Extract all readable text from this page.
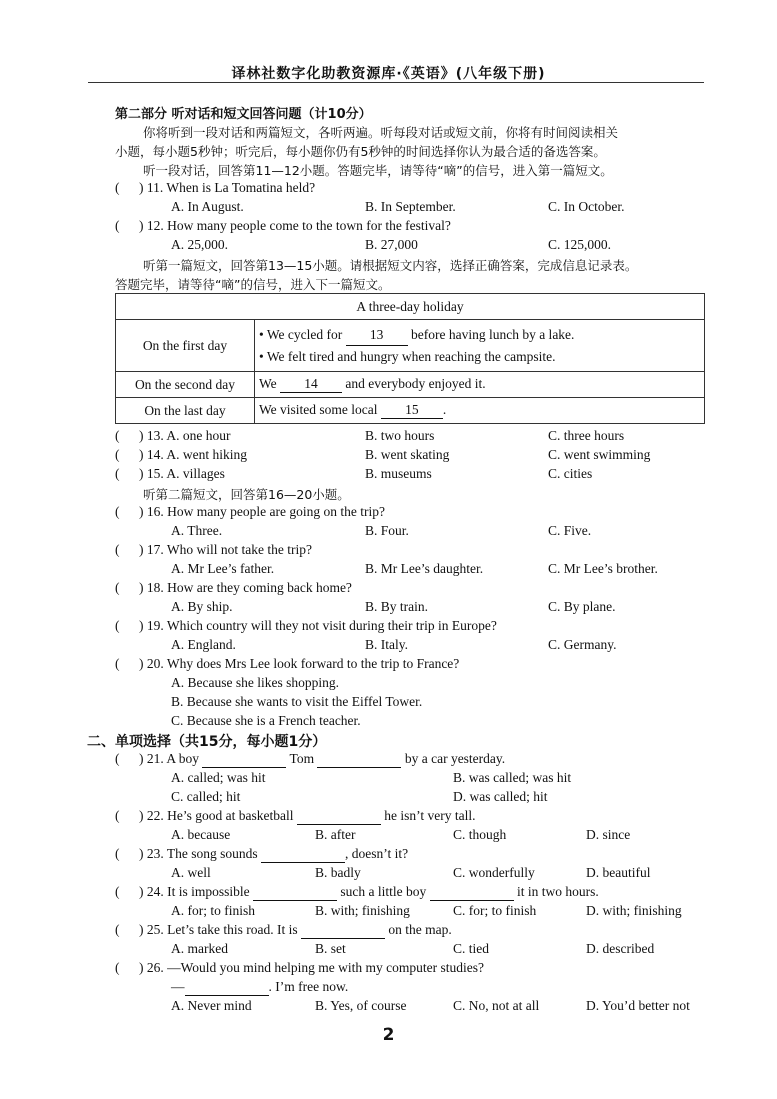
译林社数字化助教资源库·《英语》(八年级下册)
第二部分 听对话和短文回答问题（计10分）
你将听到一段对话和两篇短文，各听两遍。听每段对话或短文前，你将有时间阅读相关
小题，每小题5秒钟；听完后，每小题你仍有5秒钟的时间选择你认为最合适的备选答案。
听一段对话，回答第11—12小题。答题完毕，请等待“嘀”的信号，进入第一篇短文。
( ) 11. When is La Tomatina held?
A. In August.	B. In September.	C. In October.
( ) 12. How many people come to the town for the festival?
A. 25,000.	B. 27,000	C. 125,000.
听第一篇短文，回答第13—15小题。请根据短文内容，选择正确答案，完成信息记录表。
答题完毕，请等待“嘀”的信号，进入下一篇短文。
A three-day holiday	
On the first day	• We cycled for 13 before having lunch by a lake.
• We felt tired and hungry when reaching the campsite.

On the second day	We 14 and everybody enjoyed it.
On the last day	We visited some local 15 .
( ) 13. A. one hour	B. two hours	C. three hours
( ) 14. A. went hiking	B. went skating	C. went swimming
( ) 15. A. villages	B. museums	C. cities
听第二篇短文，回答第16—20小题。
( ) 16. How many people are going on the trip?
A. Three.	B. Four.	C. Five.
( ) 17. Who will not take the trip?
A. Mr Lee’s father.	B. Mr Lee’s daughter.	C. Mr Lee’s brother.
( ) 18. How are they coming back home?
A. By ship.	B. By train.	C. By plane.
( ) 19. Which country will they not visit during their trip in Europe?
A. England.	B. Italy.	C. Germany.
( ) 20. Why does Mrs Lee look forward to the trip to France?
A. Because she likes shopping.
B. Because she wants to visit the Eiffel Tower.
C. Because she is a French teacher.
二、单项选择（共15分，每小题1分）
( ) 21. A boy	Tom	by a car yesterday.
A. called; was hit	B. was called; was hit
C. called; hit	D. was called; hit
( ) 22. He’s good at basketball	he isn’t very tall.
A. because	B. after	C. though	D. since
( ) 23. The song sounds	, doesn’t it?
A. well	B. badly	C. wonderfully	D. beautiful
( ) 24. It is impossible	such a little boy	it in two hours.
A. for; to finish	B. with; finishing	C. for; to finish	D. with; finishing
( ) 25. Let’s take this road. It is	on the map.
A. marked	B. set	C. tied	D. described
( ) 26. —Would you mind helping me with my computer studies?
—	. I’m free now.
A. Never mind	B. Yes, of course	C. No, not at all	D. You’d better not
2
